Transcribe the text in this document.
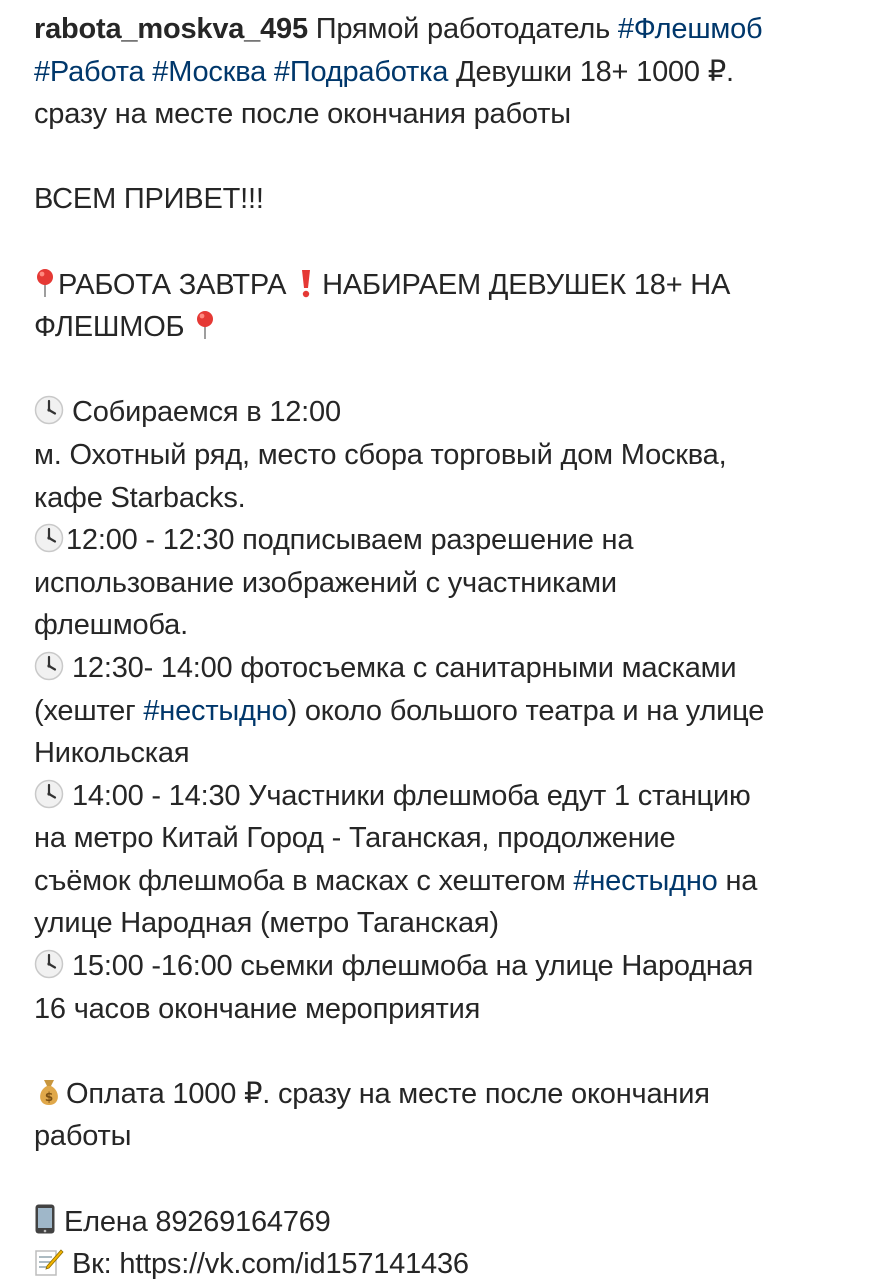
rabota_moskva_495 Прямой работодатель #Флешмоб
#Работа #Москва #Подработка Девушки 18+ 1000 ₽.
сразу на месте после окончания работы
ВСЕМ ПРИВЕТ!!!
РАБОТА ЗАВТРА НАБИРАЕМ ДЕВУШЕК 18+ НА
ФЛЕШМОБ
Собираемся в 12:00
м. Охотный ряд, место сбора торговый дом Москва,
кафе Starbacks.
12:00 - 12:30 подписываем разрешение на
использование изображений с участниками
флешмоба.
12:30- 14:00 фотосъемка с санитарными масками
(хештег #нестыдно) около большого театра и на улице
Никольская
14:00 - 14:30 Участники флешмоба едут 1 станцию
на метро Китай Город - Таганская, продолжение
съёмок флешмоба в масках с хештегом #нестыдно на
улице Народная (метро Таганская)
15:00 -16:00 сьемки флешмоба на улице Народная
16 часов окончание мероприятия
$ Оплата 1000 ₽. сразу на месте после окончания
работы
Елена 89269164769
Вк: https://vk.com/id157141436
